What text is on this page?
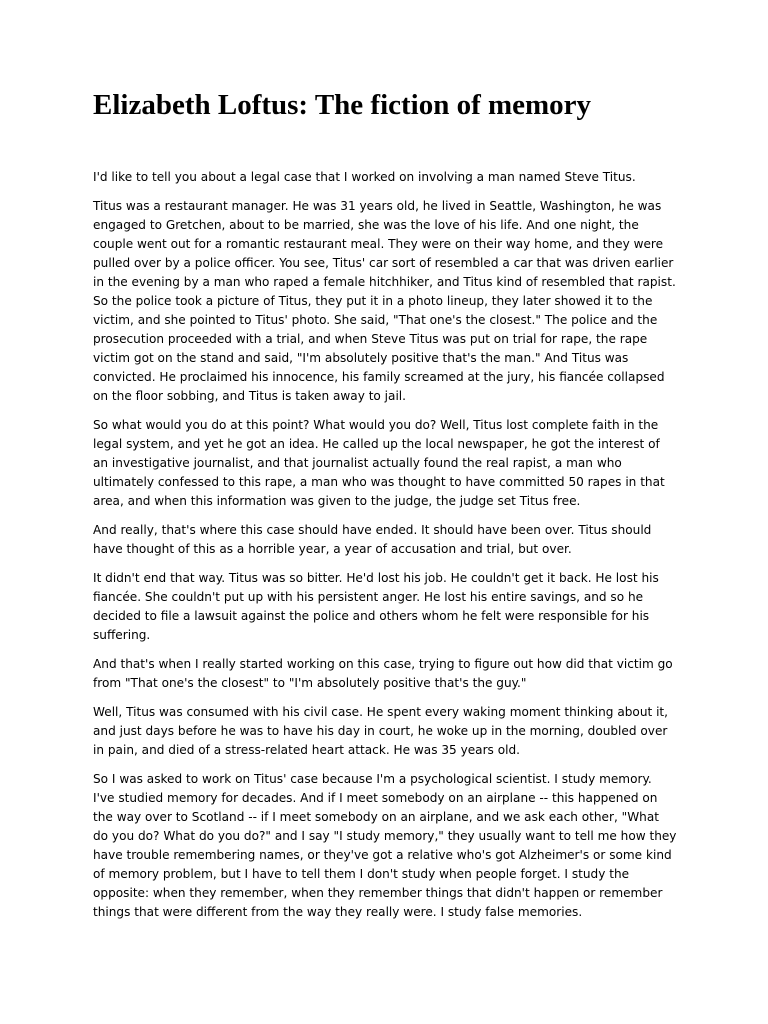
Elizabeth Loftus: The fiction of memory

I'd like to tell you about a legal case that I worked on involving a man named Steve Titus.

Titus was a restaurant manager. He was 31 years old, he lived in Seattle, Washington, he was engaged to Gretchen, about to be married, she was the love of his life. And one night, the couple went out for a romantic restaurant meal. They were on their way home, and they were pulled over by a police officer. You see, Titus' car sort of resembled a car that was driven earlier in the evening by a man who raped a female hitchhiker, and Titus kind of resembled that rapist. So the police took a picture of Titus, they put it in a photo lineup, they later showed it to the victim, and she pointed to Titus' photo. She said, "That one's the closest." The police and the prosecution proceeded with a trial, and when Steve Titus was put on trial for rape, the rape victim got on the stand and said, "I'm absolutely positive that's the man." And Titus was convicted. He proclaimed his innocence, his family screamed at the jury, his fiancée collapsed on the floor sobbing, and Titus is taken away to jail.

So what would you do at this point? What would you do? Well, Titus lost complete faith in the legal system, and yet he got an idea. He called up the local newspaper, he got the interest of an investigative journalist, and that journalist actually found the real rapist, a man who ultimately confessed to this rape, a man who was thought to have committed 50 rapes in that area, and when this information was given to the judge, the judge set Titus free.

And really, that's where this case should have ended. It should have been over. Titus should have thought of this as a horrible year, a year of accusation and trial, but over.

It didn't end that way. Titus was so bitter. He'd lost his job. He couldn't get it back. He lost his fiancée. She couldn't put up with his persistent anger. He lost his entire savings, and so he decided to file a lawsuit against the police and others whom he felt were responsible for his suffering.

And that's when I really started working on this case, trying to figure out how did that victim go from "That one's the closest" to "I'm absolutely positive that's the guy."

Well, Titus was consumed with his civil case. He spent every waking moment thinking about it, and just days before he was to have his day in court, he woke up in the morning, doubled over in pain, and died of a stress-related heart attack. He was 35 years old.

So I was asked to work on Titus' case because I'm a psychological scientist. I study memory. I've studied memory for decades. And if I meet somebody on an airplane -- this happened on the way over to Scotland -- if I meet somebody on an airplane, and we ask each other, "What do you do? What do you do?" and I say "I study memory," they usually want to tell me how they have trouble remembering names, or they've got a relative who's got Alzheimer's or some kind of memory problem, but I have to tell them I don't study when people forget. I study the opposite: when they remember, when they remember things that didn't happen or remember things that were different from the way they really were. I study false memories.
